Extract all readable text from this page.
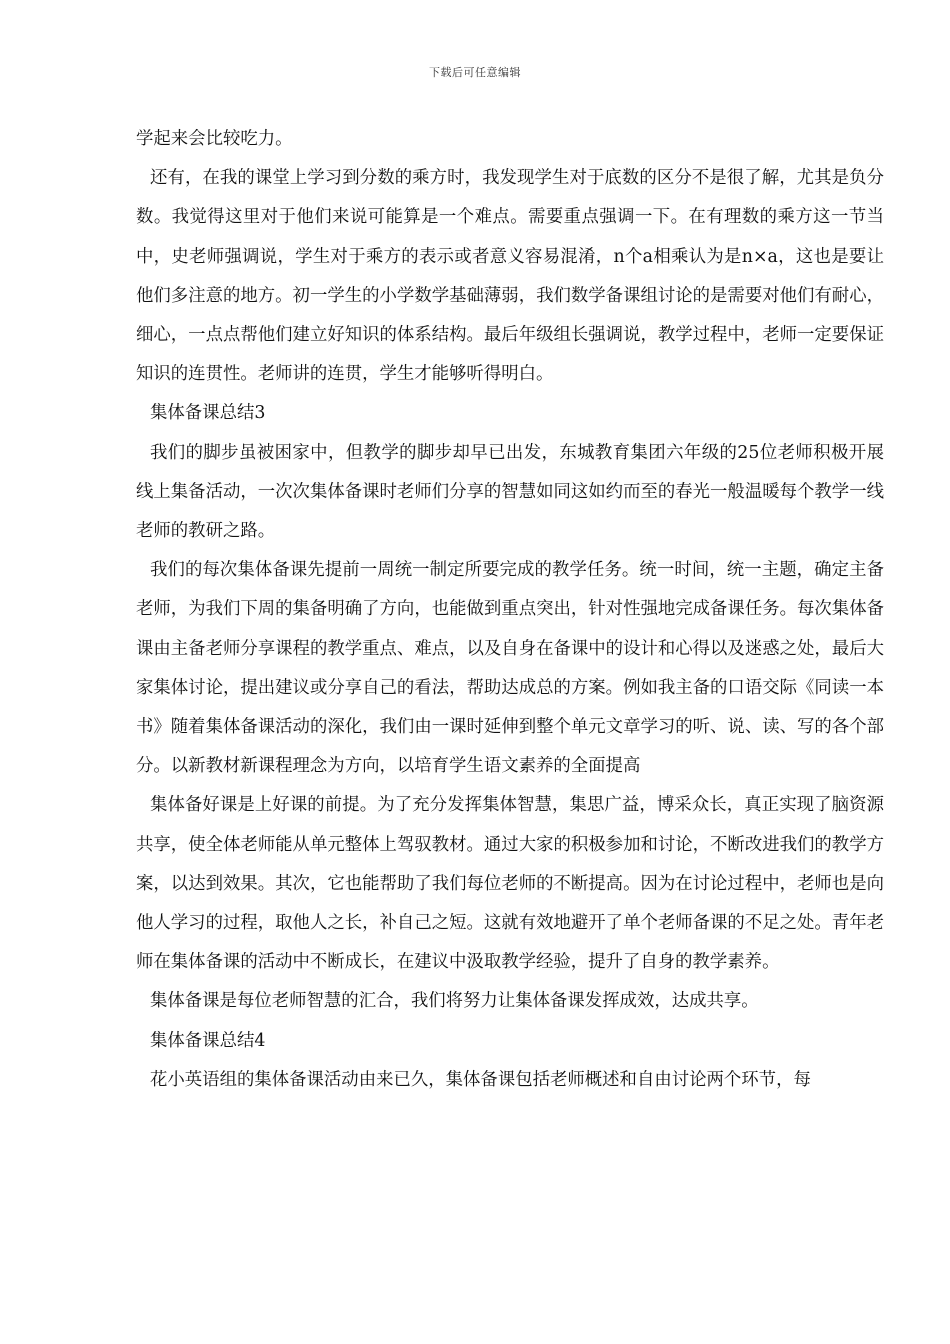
下载后可任意编辑

学起来会比较吃力。

还有，在我的课堂上学习到分数的乘方时，我发现学生对于底数的区分不是很了解，尤其是负分数。我觉得这里对于他们来说可能算是一个难点。需要重点强调一下。在有理数的乘方这一节当中，史老师强调说，学生对于乘方的表示或者意义容易混淆，n个a相乘认为是n×a，这也是要让他们多注意的地方。初一学生的小学数学基础薄弱，我们数学备课组讨论的是需要对他们有耐心，细心，一点点帮他们建立好知识的体系结构。最后年级组长强调说，教学过程中，老师一定要保证知识的连贯性。老师讲的连贯，学生才能够听得明白。

集体备课总结3

我们的脚步虽被困家中，但教学的脚步却早已出发，东城教育集团六年级的25位老师积极开展线上集备活动，一次次集体备课时老师们分享的智慧如同这如约而至的春光一般温暖每个教学一线老师的教研之路。

我们的每次集体备课先提前一周统一制定所要完成的教学任务。统一时间，统一主题，确定主备老师，为我们下周的集备明确了方向，也能做到重点突出，针对性强地完成备课任务。每次集体备课由主备老师分享课程的教学重点、难点，以及自身在备课中的设计和心得以及迷惑之处，最后大家集体讨论，提出建议或分享自己的看法，帮助达成总的方案。例如我主备的口语交际《同读一本书》随着集体备课活动的深化，我们由一课时延伸到整个单元文章学习的听、说、读、写的各个部分。以新教材新课程理念为方向，以培育学生语文素养的全面提高

集体备好课是上好课的前提。为了充分发挥集体智慧，集思广益，博采众长，真正实现了脑资源共享，使全体老师能从单元整体上驾驭教材。通过大家的积极参加和讨论，不断改进我们的教学方案，以达到效果。其次，它也能帮助了我们每位老师的不断提高。因为在讨论过程中，老师也是向他人学习的过程，取他人之长，补自己之短。这就有效地避开了单个老师备课的不足之处。青年老师在集体备课的活动中不断成长，在建议中汲取教学经验，提升了自身的教学素养。

集体备课是每位老师智慧的汇合，我们将努力让集体备课发挥成效，达成共享。

集体备课总结4

花小英语组的集体备课活动由来已久，集体备课包括老师概述和自由讨论两个环节，每
